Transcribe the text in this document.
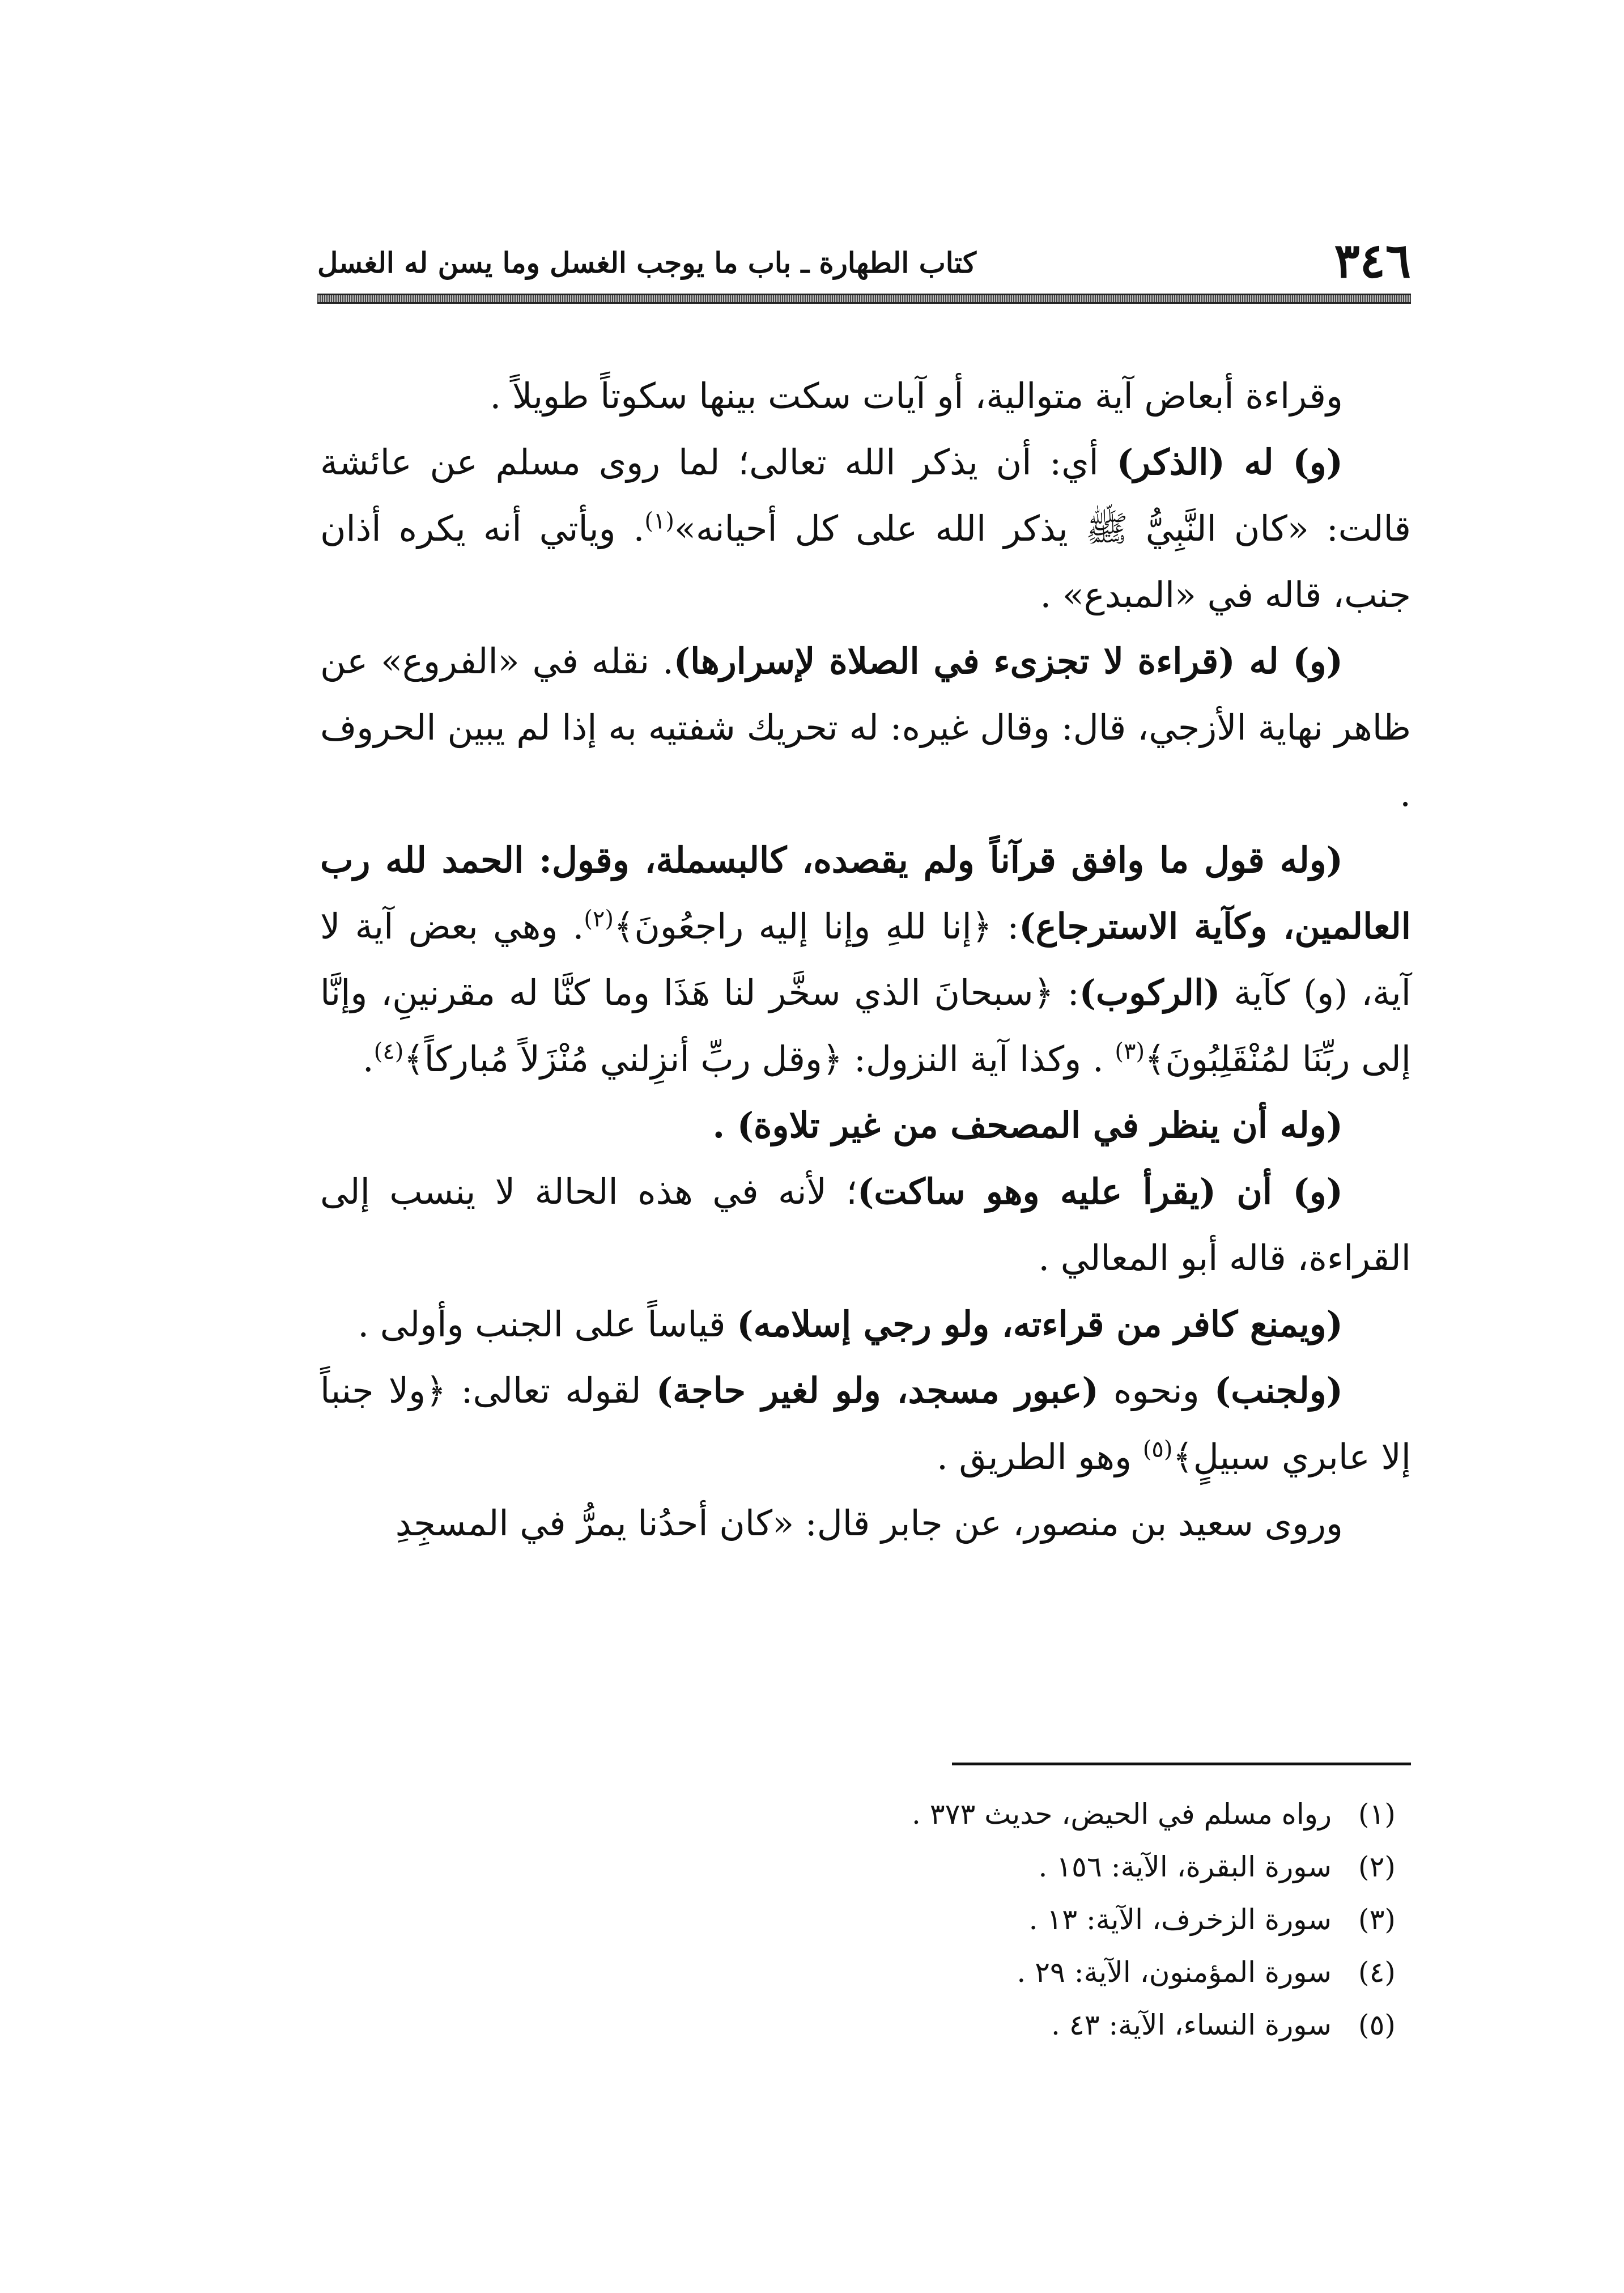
٣٤٦
كتاب الطهارة ـ باب ما يوجب الغسل وما يسن له الغسل

وقراءة أبعاض آية متوالية، أو آيات سكت بينها سكوتاً طويلاً .

(و) له (الذكر) أي: أن يذكر الله تعالى؛ لما روى مسلم عن عائشة قالت: «كان النَّبِيُّ ﷺ يذكر الله على كل أحيانه»$^{(١)}$. ويأتي أنه يكره أذان جنب، قاله في «المبدع» .

(و) له (قراءة لا تجزىء في الصلاة لإسرارها). نقله في «الفروع» عن ظاهر نهاية الأزجي، قال: وقال غيره: له تحريك شفتيه به إذا لم يبين الحروف .

(وله قول ما وافق قرآناً ولم يقصده، كالبسملة، وقول: الحمد لله رب العالمين، وكآية الاسترجاع): ﴿إنا للهِ وإنا إليه راجعُونَ﴾$^{(٢)}$. وهي بعض آية لا آية، (و) كآية (الركوب): ﴿سبحانَ الذي سخَّر لنا هَذَا وما كنَّا له مقرنينِ، وإنَّا إلى ربِّنَا لمُنْقَلِبُونَ﴾$^{(٣)}$ . وكذا آية النزول: ﴿وقل ربِّ أنزِلني مُنْزَلاً مُباركاً﴾$^{(٤)}$.

(وله أن ينظر في المصحف من غير تلاوة) .

(و) أن (يقرأ عليه وهو ساكت)؛ لأنه في هذه الحالة لا ينسب إلى القراءة، قاله أبو المعالي .

(ويمنع كافر من قراءته، ولو رجي إسلامه) قياساً على الجنب وأولى .

(ولجنب) ونحوه (عبور مسجد، ولو لغير حاجة) لقوله تعالى: ﴿ولا جنباً إلا عابري سبيلٍ﴾$^{(٥)}$ وهو الطريق .

وروى سعيد بن منصور، عن جابر قال: «كان أحدُنا يمرُّ في المسجِدِ

(١)
رواه مسلم في الحيض، حديث ٣٧٣ .
(٢)
سورة البقرة، الآية: ١٥٦ .
(٣)
سورة الزخرف، الآية: ١٣ .
(٤)
سورة المؤمنون، الآية: ٢٩ .
(٥)
سورة النساء، الآية: ٤٣ .
